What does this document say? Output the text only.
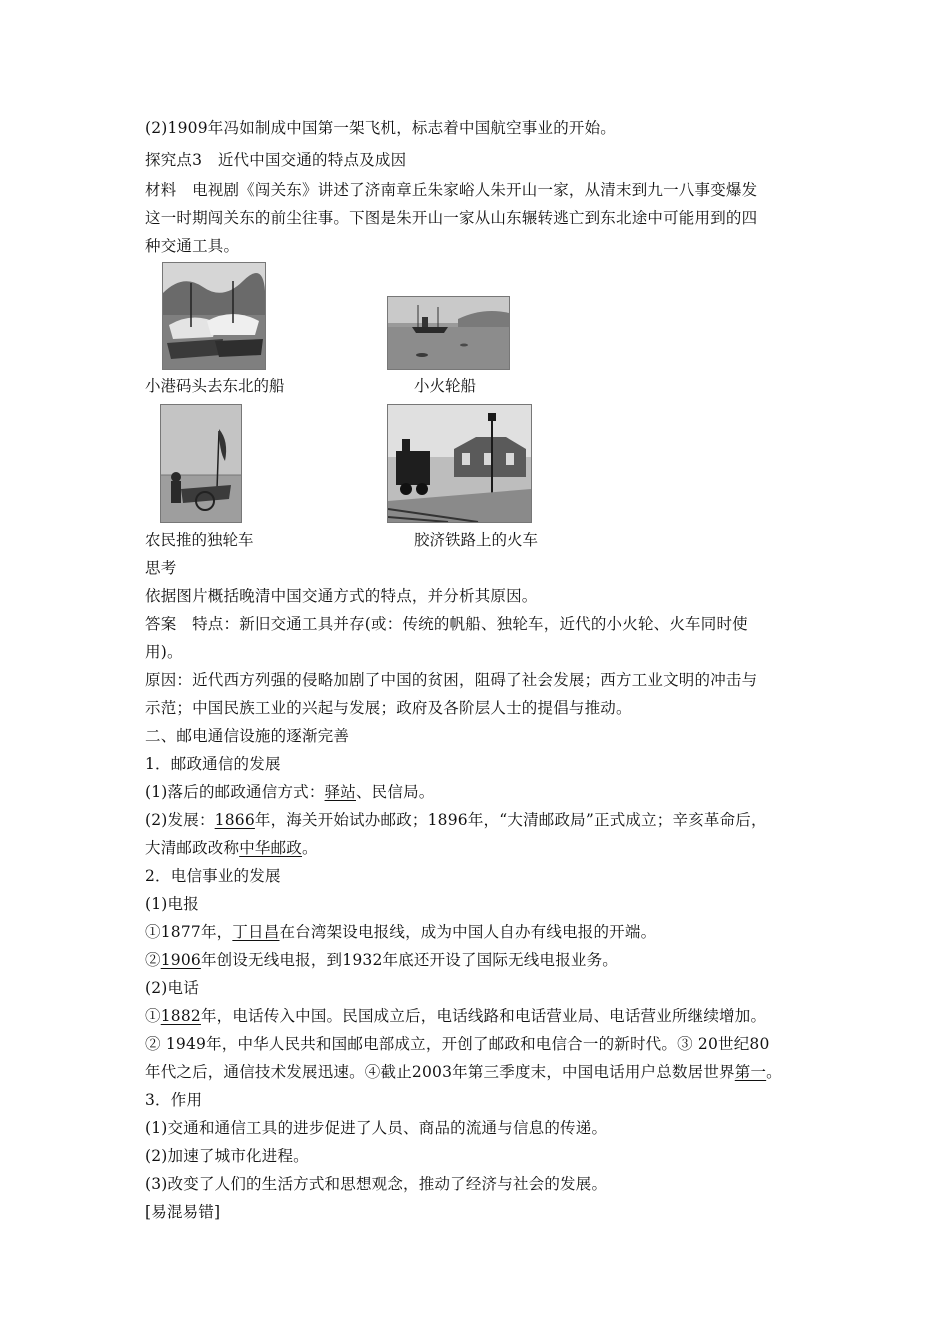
(2)1909年冯如制成中国第一架飞机，标志着中国航空事业的开始。
探究点3　近代中国交通的特点及成因
材料　电视剧《闯关东》讲述了济南章丘朱家峪人朱开山一家，从清末到九一八事变爆发
这一时期闯关东的前尘往事。下图是朱开山一家从山东辗转逃亡到东北途中可能用到的四
种交通工具。
小港码头去东北的船	小火轮船
农民推的独轮车	胶济铁路上的火车
思考
依据图片概括晚清中国交通方式的特点，并分析其原因。
答案　特点：新旧交通工具并存(或：传统的帆船、独轮车，近代的小火轮、火车同时使
用)。
原因：近代西方列强的侵略加剧了中国的贫困，阻碍了社会发展；西方工业文明的冲击与
示范；中国民族工业的兴起与发展；政府及各阶层人士的提倡与推动。
二、邮电通信设施的逐渐完善
1．邮政通信的发展
(1)落后的邮政通信方式：驿站、民信局。
(2)发展：1866年，海关开始试办邮政；1896年，“大清邮政局”正式成立；辛亥革命后，
大清邮政改称中华邮政。
2．电信事业的发展
(1)电报
①1877年，丁日昌在台湾架设电报线，成为中国人自办有线电报的开端。
②1906年创设无线电报，到1932年底还开设了国际无线电报业务。
(2)电话
①1882年，电话传入中国。民国成立后，电话线路和电话营业局、电话营业所继续增加。
② 1949年，中华人民共和国邮电部成立，开创了邮政和电信合一的新时代。③ 20世纪80
年代之后，通信技术发展迅速。④截止2003年第三季度末，中国电话用户总数居世界第一。
3．作用
(1)交通和通信工具的进步促进了人员、商品的流通与信息的传递。
(2)加速了城市化进程。
(3)改变了人们的生活方式和思想观念，推动了经济与社会的发展。
[易混易错]
